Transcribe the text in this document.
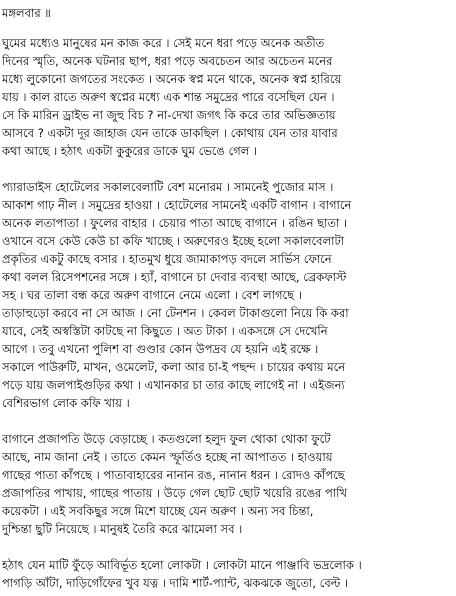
মঙ্গলবার ॥
ঘুমের মধ্যেও মানুষের মন কাজ করে । সেই মনে ধরা পড়ে অনেক অতীত
দিনের স্মৃতি, অনেক ঘটনার ছাপ, ধরা পড়ে অবচেতন আর অচেতন মনের
মধ্যে লুকোনো জগতের সংকেত । অনেক স্বপ্ন মনে থাকে, অনেক স্বপ্ন হারিয়ে
যায় । কাল রাতে অরুণ স্বপ্নের মধ্যে এক শান্ত সমুদ্রের পারে বসেছিল যেন ।
সে কি মারিন ড্রাইভ না জুহু বিচ ? না-দেখা জগৎ কি করে তার অভিজ্ঞতায়
আসবে ? একটা দূর জাহাজ যেন তাকে ডাকছিল । কোথায় যেন তার যাবার
কথা আছে । হঠাৎ একটা কুকুরের ডাকে ঘুম ভেঙে গেল ।
প্যারাডাইস হোটেলের সকালবেলাটি বেশ মনোরম । সামনেই পুজোর মাস ।
আকাশ গাঢ় নীল । সমুদ্রের হাওয়া । হোটেলের সামনেই একটি বাগান । বাগানে
অনেক লতাপাতা । ফুলের বাহার । চেয়ার পাতা আছে বাগানে । রঙিন ছাতা ।
ওখানে বসে কেউ কেউ চা কফি খাচ্ছে । অরুণেরও ইচ্ছে হলো সকালবেলাটা
প্রকৃতির একটু কাছে বসার । হাতমুখ ধুয়ে জামাকাপড় বদলে সার্ভিস ফোনে
কথা বলল রিসেপশনের সঙ্গে । হ্যাঁ, বাগানে চা দেবার ব্যবস্থা আছে, ব্রেকফাস্ট
সহ । ঘর তালা বন্ধ করে অরুণ বাগানে নেমে এলো । বেশ লাগছে ।
তাড়াহুড়ো করবে না সে আজ । নো টেনশন । কেবল টাকাগুলো নিয়ে কি করা
যাবে, সেই অস্বস্তিটা কাটছে না কিছুতে । অত টাকা । একসঙ্গে সে দেখেনি
আগে । তবু এখনো পুলিশ বা গুণ্ডার কোন উপদ্রব যে হয়নি এই রক্ষে ।
সকালে পাউরুটি, মাখন, ওমেলেট, কলা আর চা-ই পছন্দ । চায়ের কথায় মনে
পড়ে যায় জলপাইগুড়ির কথা । এখানকার চা তার কাছে লাগেই না । এইজন্য
বেশিরভাগ লোক কফি খায় ।
বাগানে প্রজাপতি উড়ে বেড়াচ্ছে । কতগুলো হলুদ ফুল থোকা থোকা ফুটে
আছে, নাম জানা নেই । তাতে কেমন স্ফূর্তিও হচ্ছে না আপাতত । হাওয়ায়
গাছের পাতা কাঁপছে । পাতাবাহারের নানান রঙ, নানান ধরন । রোদও কাঁপছে
প্রজাপতির পাখায়, গাছের পাতায় । উড়ে গেল ছোট ছোট খয়েরি রঙের পাখি
কয়েকটা । এই সবকিছুর সঙ্গে মিশে যাচ্ছে যেন অরুণ । অন্য সব চিন্তা,
দুশ্চিন্তা ছুটি নিয়েছে । মানুষই তৈরি করে ঝামেলা সব ।
হঠাৎ যেন মাটি ফুঁড়ে আবির্ভূত হলো লোকটা । লোকটা মানে পাঞ্জাবি ভদ্রলোক ।
পাগড়ি আঁটা, দাড়িগোঁফের খুব যত্ন । দামি শার্ট-প্যান্ট, ঝকঝকে জুতো, বেল্ট ।
